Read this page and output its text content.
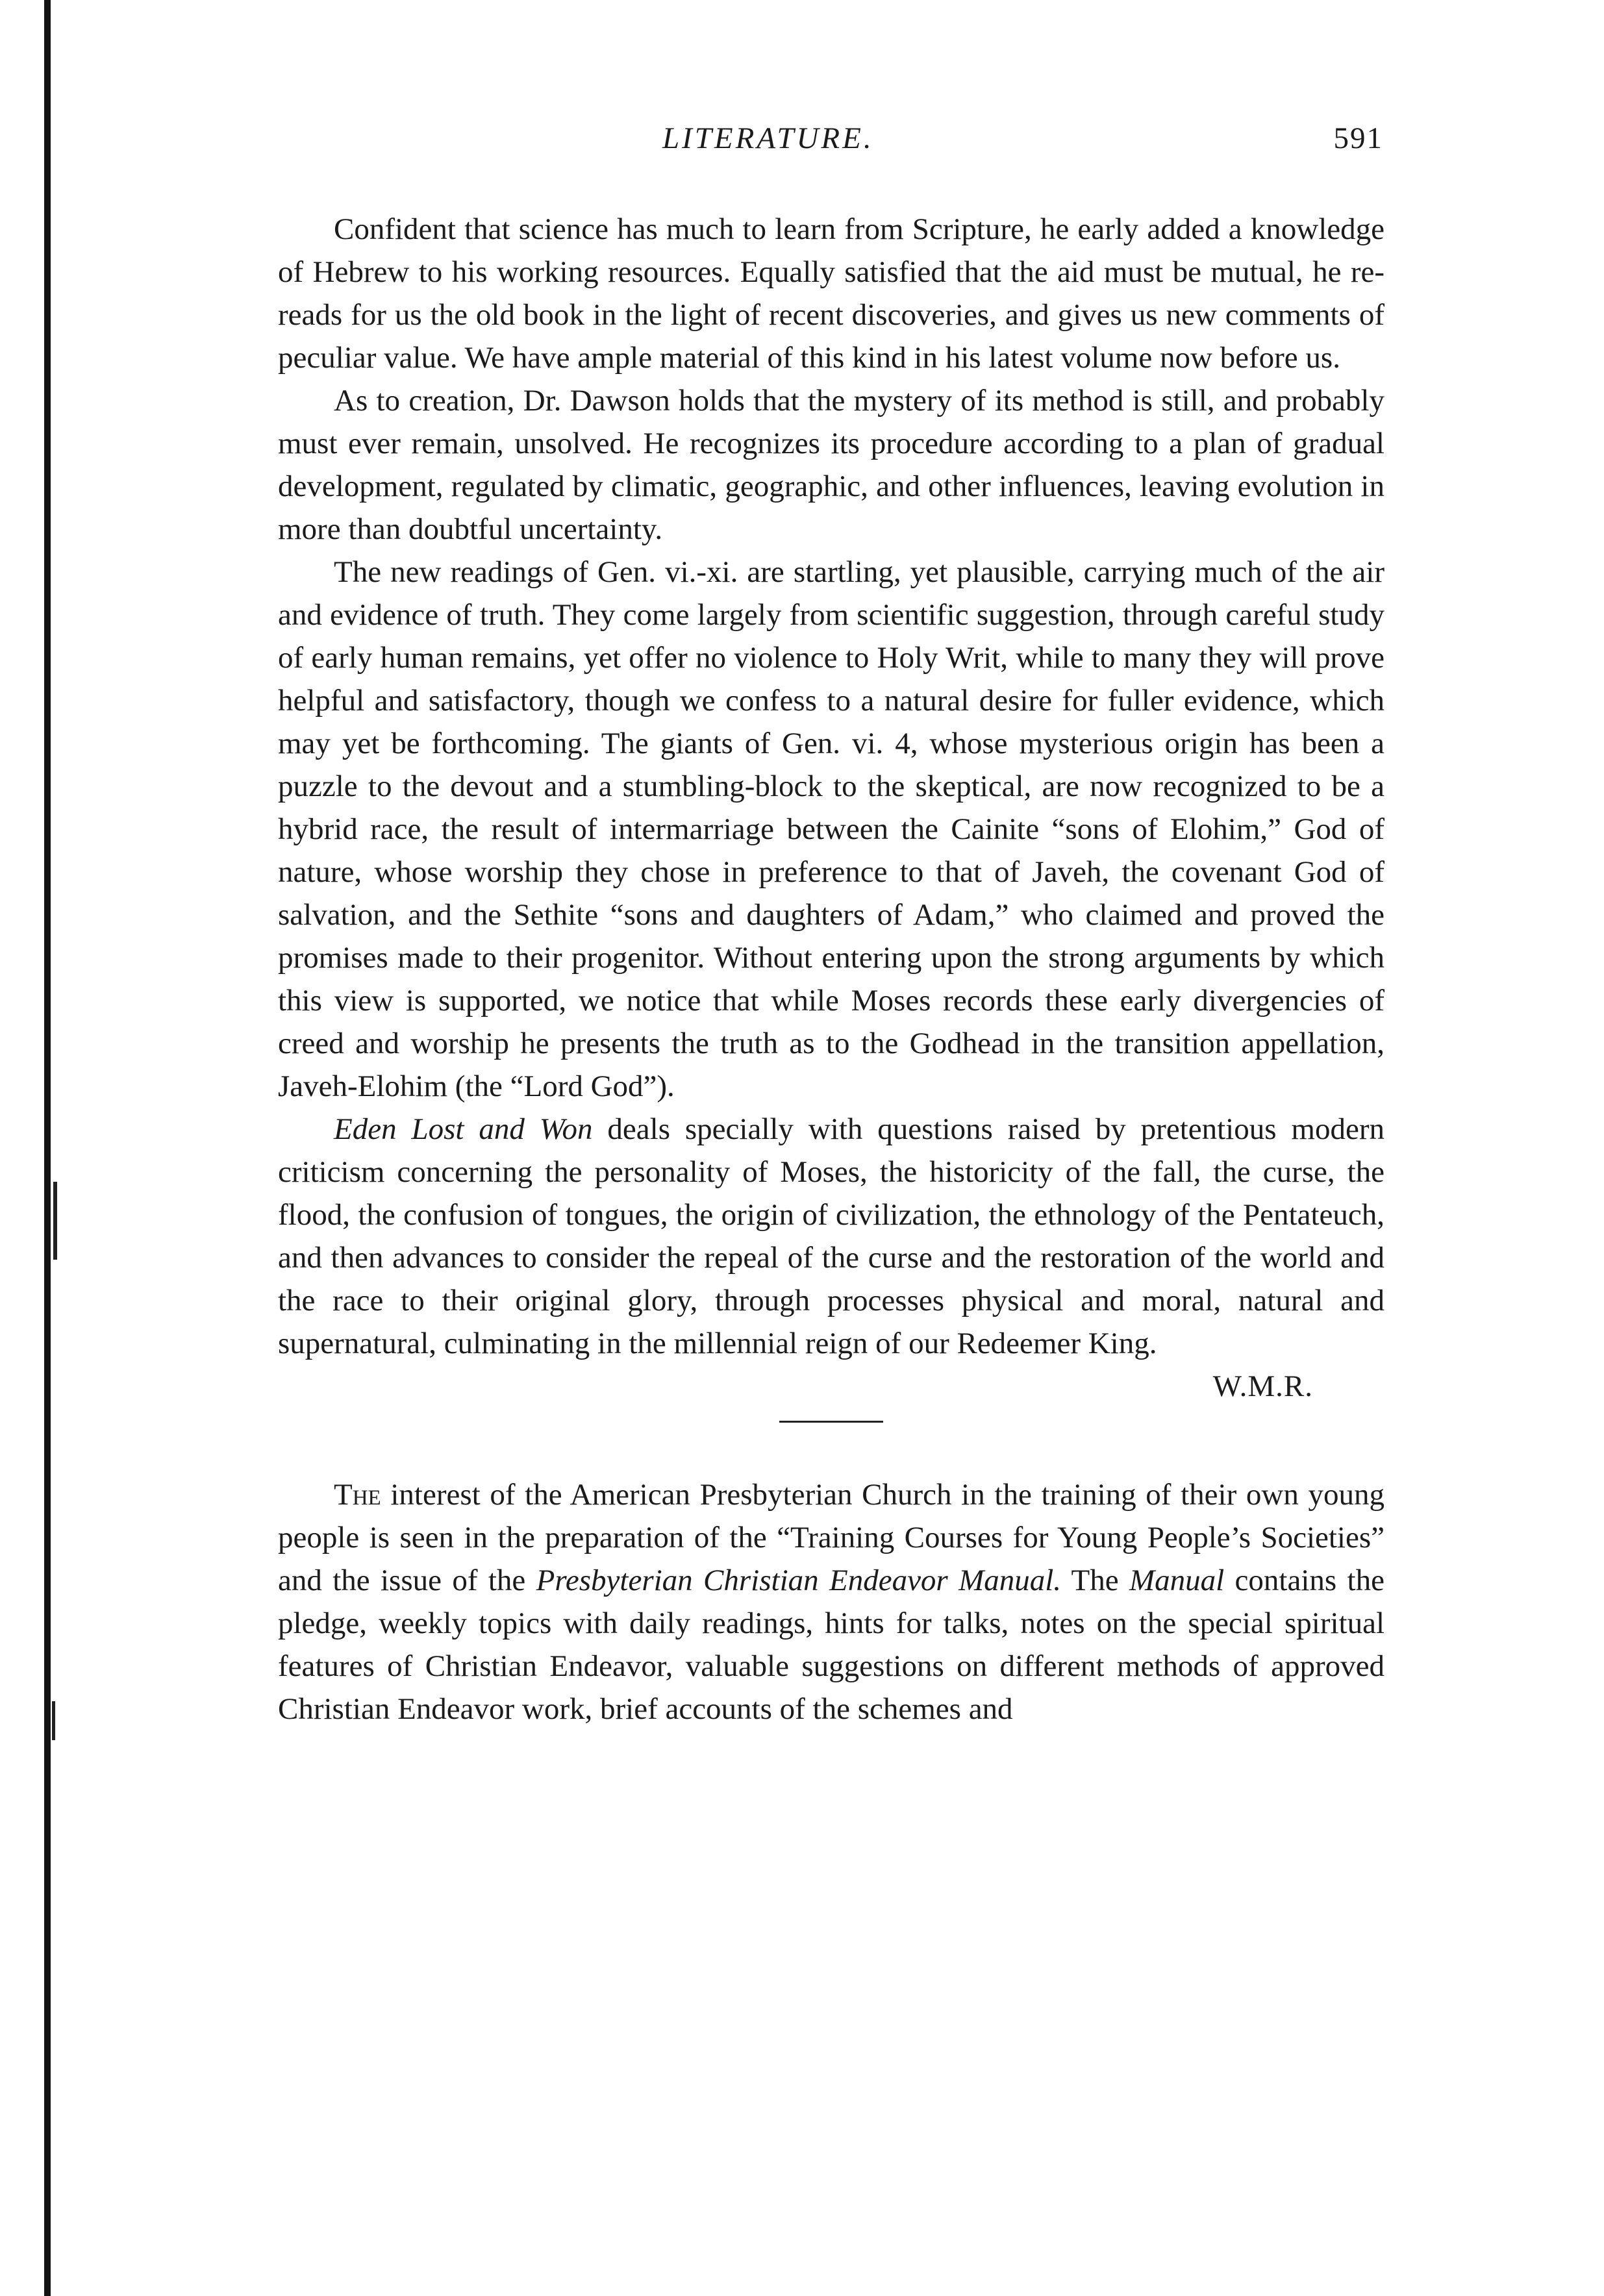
LITERATURE.	591

Confident that science has much to learn from Scripture, he early added a knowledge of Hebrew to his working resources. Equally satisfied that the aid must be mutual, he re-reads for us the old book in the light of recent discoveries, and gives us new comments of peculiar value. We have ample material of this kind in his latest volume now before us.

As to creation, Dr. Dawson holds that the mystery of its method is still, and probably must ever remain, unsolved. He recognizes its procedure according to a plan of gradual development, regulated by climatic, geographic, and other influences, leaving evolution in more than doubtful uncertainty.

The new readings of Gen. vi.-xi. are startling, yet plausible, carrying much of the air and evidence of truth. They come largely from scientific suggestion, through careful study of early human remains, yet offer no violence to Holy Writ, while to many they will prove helpful and satisfactory, though we confess to a natural desire for fuller evidence, which may yet be forthcoming. The giants of Gen. vi. 4, whose mysterious origin has been a puzzle to the devout and a stumbling-block to the skeptical, are now recognized to be a hybrid race, the result of intermarriage between the Cainite “sons of Elohim,” God of nature, whose worship they chose in preference to that of Javeh, the covenant God of salvation, and the Sethite “sons and daughters of Adam,” who claimed and proved the promises made to their progenitor. Without entering upon the strong arguments by which this view is supported, we notice that while Moses records these early divergencies of creed and worship he presents the truth as to the Godhead in the transition appellation, Javeh-Elohim (the “Lord God”).

Eden Lost and Won deals specially with questions raised by pretentious modern criticism concerning the personality of Moses, the historicity of the fall, the curse, the flood, the confusion of tongues, the origin of civilization, the ethnology of the Pentateuch, and then advances to consider the repeal of the curse and the restoration of the world and the race to their original glory, through processes physical and moral, natural and supernatural, culminating in the millennial reign of our Redeemer King.

W.M.R.

The interest of the American Presbyterian Church in the training of their own young people is seen in the preparation of the “Training Courses for Young People’s Societies” and the issue of the Presbyterian Christian Endeavor Manual. The Manual contains the pledge, weekly topics with daily readings, hints for talks, notes on the special spiritual features of Christian Endeavor, valuable suggestions on different methods of approved Christian Endeavor work, brief accounts of the schemes and
